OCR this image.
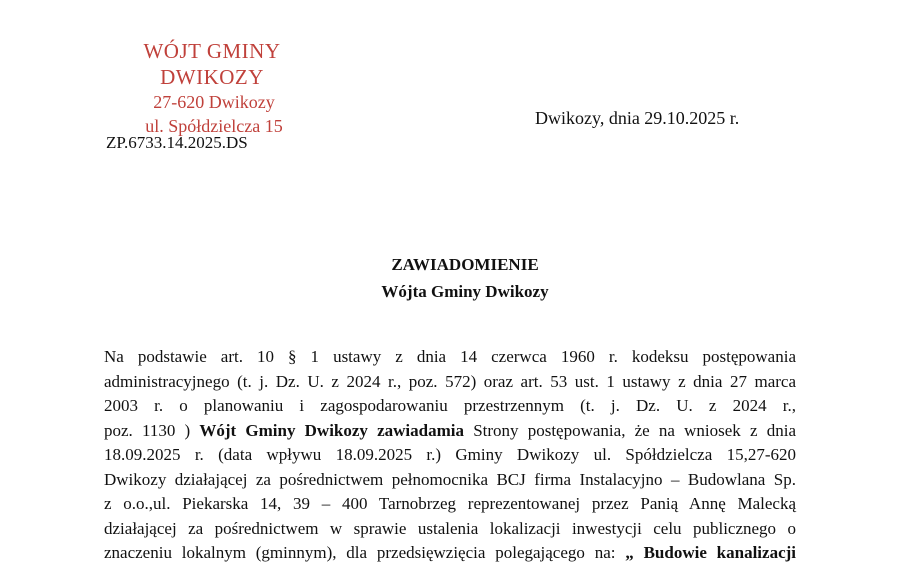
WÓJT GMINY DWIKOZY
27-620 Dwikozy
ul. Spółdzielcza 15	Dwikozy, dnia 29.10.2025 r.
ZP.6733.14.2025.DS
ZAWIADOMIENIE
Wójta Gminy Dwikozy
Na podstawie art. 10 § 1 ustawy z dnia 14 czerwca 1960 r. kodeksu postępowania
administracyjnego (t. j. Dz. U. z 2024 r., poz. 572) oraz art. 53 ust. 1 ustawy z dnia 27 marca
2003 r. o planowaniu i zagospodarowaniu przestrzennym (t. j. Dz. U. z 2024 r.,
poz. 1130 ) Wójt Gminy Dwikozy zawiadamia Strony postępowania, że na wniosek z dnia
18.09.2025 r. (data wpływu 18.09.2025 r.) Gminy Dwikozy ul. Spółdzielcza 15,27-620
Dwikozy działającej za pośrednictwem pełnomocnika BCJ firma Instalacyjno – Budowlana Sp.
z o.o.,ul. Piekarska 14, 39 – 400 Tarnobrzeg reprezentowanej przez Panią Annę Malecką
działającej za pośrednictwem w sprawie ustalenia lokalizacji inwestycji celu publicznego o
znaczeniu lokalnym (gminnym), dla przedsięwzięcia polegającego na: „ Budowie kanalizacji
